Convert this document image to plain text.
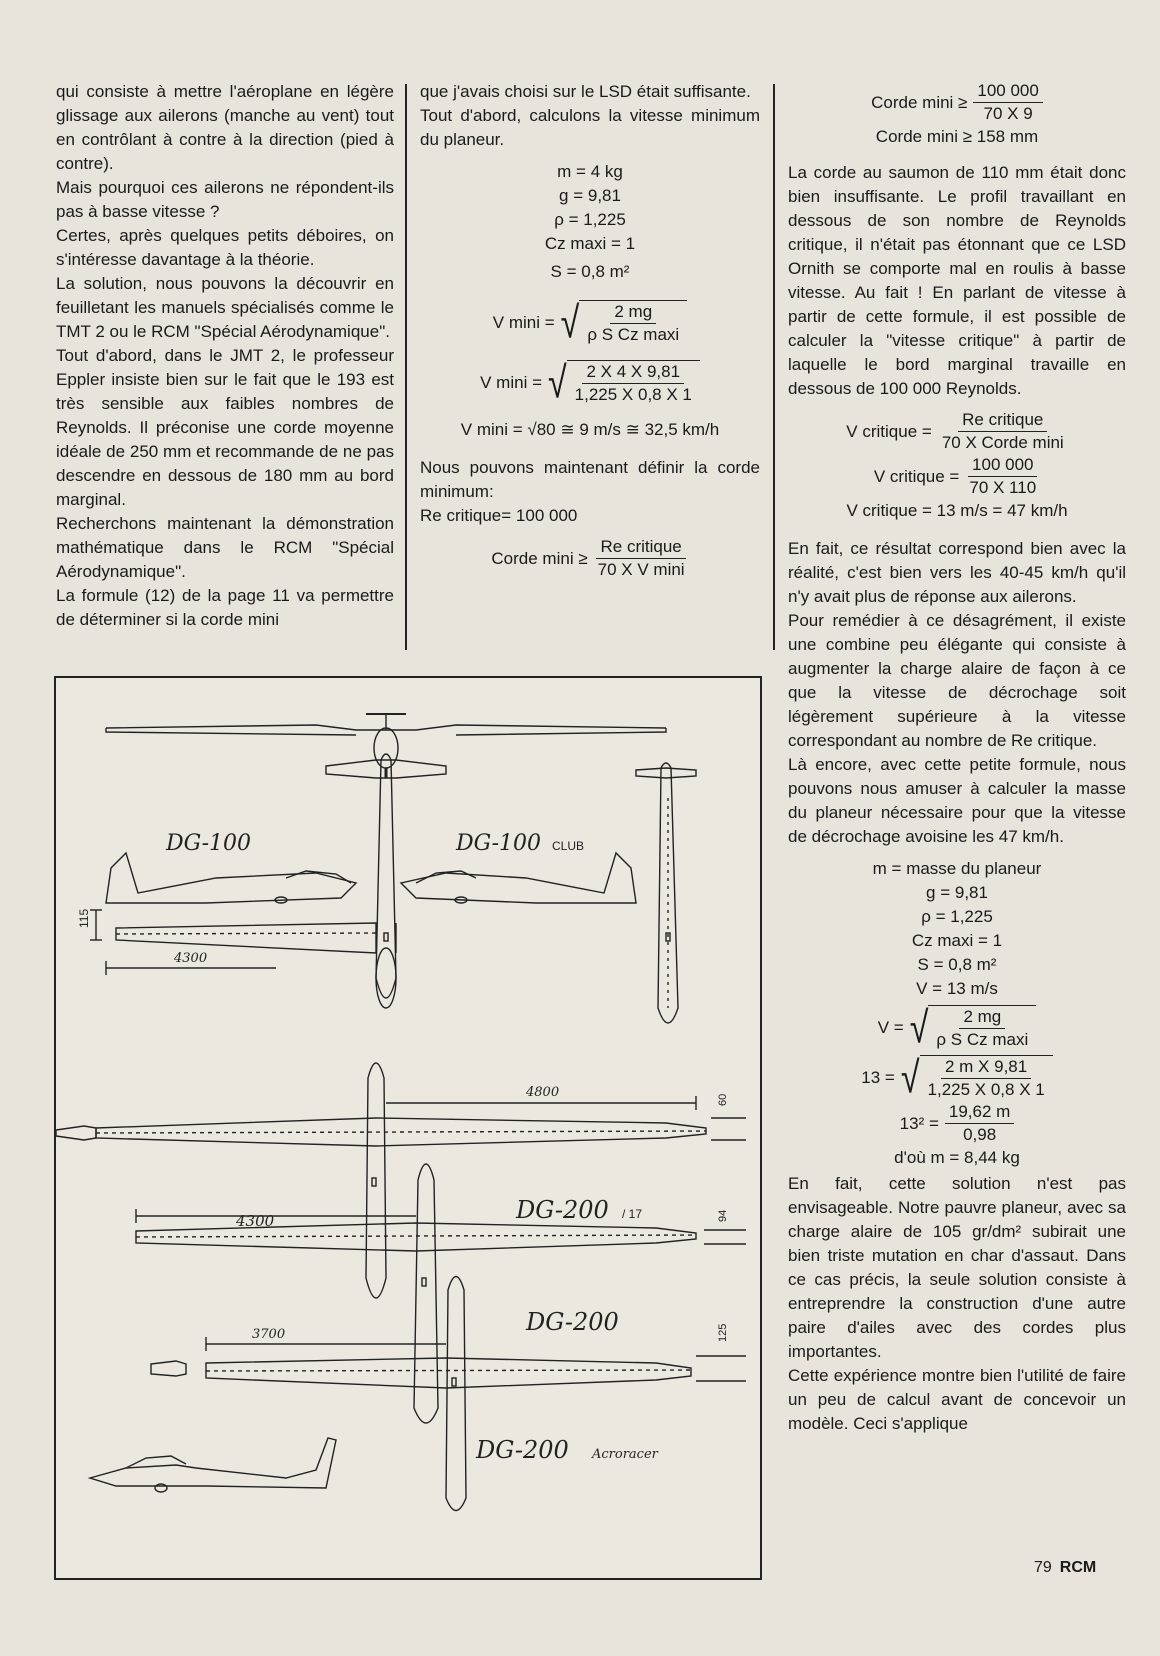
qui consiste à mettre l'aéroplane en légère glissage aux ailerons (manche au vent) tout en contrôlant à contre à la direction (pied à contre).

Mais pourquoi ces ailerons ne répondent-ils pas à basse vitesse ?

Certes, après quelques petits déboires, on s'intéresse davantage à la théorie.

La solution, nous pouvons la découvrir en feuilletant les manuels spécialisés comme le TMT 2 ou le RCM "Spécial Aérodynamique".

Tout d'abord, dans le JMT 2, le professeur Eppler insiste bien sur le fait que le 193 est très sensible aux faibles nombres de Reynolds. Il préconise une corde moyenne idéale de 250 mm et recommande de ne pas descendre en dessous de 180 mm au bord marginal.

Recherchons maintenant la démonstration mathématique dans le RCM "Spécial Aérodynamique".

La formule (12) de la page 11 va permettre de déterminer si la corde mini

que j'avais choisi sur le LSD était suffisante.

Tout d'abord, calculons la vitesse minimum du planeur.

m = 4 kg
g = 9,81
ρ = 1,225
Cz maxi = 1
S = 0,8 m²
V mini = √ $\frac{2 mg}{\text{ρ S Cz maxi}}$
V mini = √ $\frac{2 X 4 X 9,81}{1,225 X 0,8 X 1}$
V mini = √80 ≅ 9 m/s ≅ 32,5 km/h

Nous pouvons maintenant définir la corde minimum:

Re critique= 100 000

Corde $\min i \ge \frac{\text{Re critique}}{\text{70 X V mini}}$
Corde $\min i \ge \frac{100 000}{70 X 9}$
Corde mini ≥ 158 mm

La corde au saumon de 110 mm était donc bien insuffisante. Le profil travaillant en dessous de son nombre de Reynolds critique, il n'était pas étonnant que ce LSD Ornith se comporte mal en roulis à basse vitesse. Au fait ! En parlant de vitesse à partir de cette formule, il est possible de calculer la "vitesse critique" à partir de laquelle le bord marginal travaille en dessous de 100 000 Reynolds.

V critique = $\frac{\text{Re critique}}{\text{70 X Corde mini}}$
V critique = $\frac{100 000}{70 X 110}$
V critique = 13 m/s = 47 km/h

En fait, ce résultat correspond bien avec la réalité, c'est bien vers les 40-45 km/h qu'il n'y avait plus de réponse aux ailerons.

Pour remédier à ce désagrément, il existe une combine peu élégante qui consiste à augmenter la charge alaire de façon à ce que la vitesse de décrochage soit légèrement supérieure à la vitesse correspondant au nombre de Re critique.

Là encore, avec cette petite formule, nous pouvons nous amuser à calculer la masse du planeur nécessaire pour que la vitesse de décrochage avoisine les 47 km/h.

m = masse du planeur
g = 9,81
ρ = 1,225
Cz maxi = 1
S = 0,8 m²
V = 13 m/s
V = √ $\frac{2 mg}{\text{ρ S Cz maxi}}$
13 = √ $\frac{\text{2 m X 9,81}}{1,225 X 0,8 X 1}$
$13^2 = \frac{19,62 m}{0,98}$
d'où m = 8,44 kg

En fait, cette solution n'est pas envisageable. Notre pauvre planeur, avec sa charge alaire de 105 gr/dm² subirait une bien triste mutation en char d'assaut. Dans ce cas précis, la seule solution consiste à entreprendre la construction d'une autre paire d'ailes avec des cordes plus importantes.

Cette expérience montre bien l'utilité de faire un peu de calcul avant de concevoir un modèle. Ceci s'applique

DG-100	DG-100 CLUB
115
4300
4800	60
DG-200 / 17
4300	94
DG-200
3700	125
DG-200 Acroracer
79 RCM
